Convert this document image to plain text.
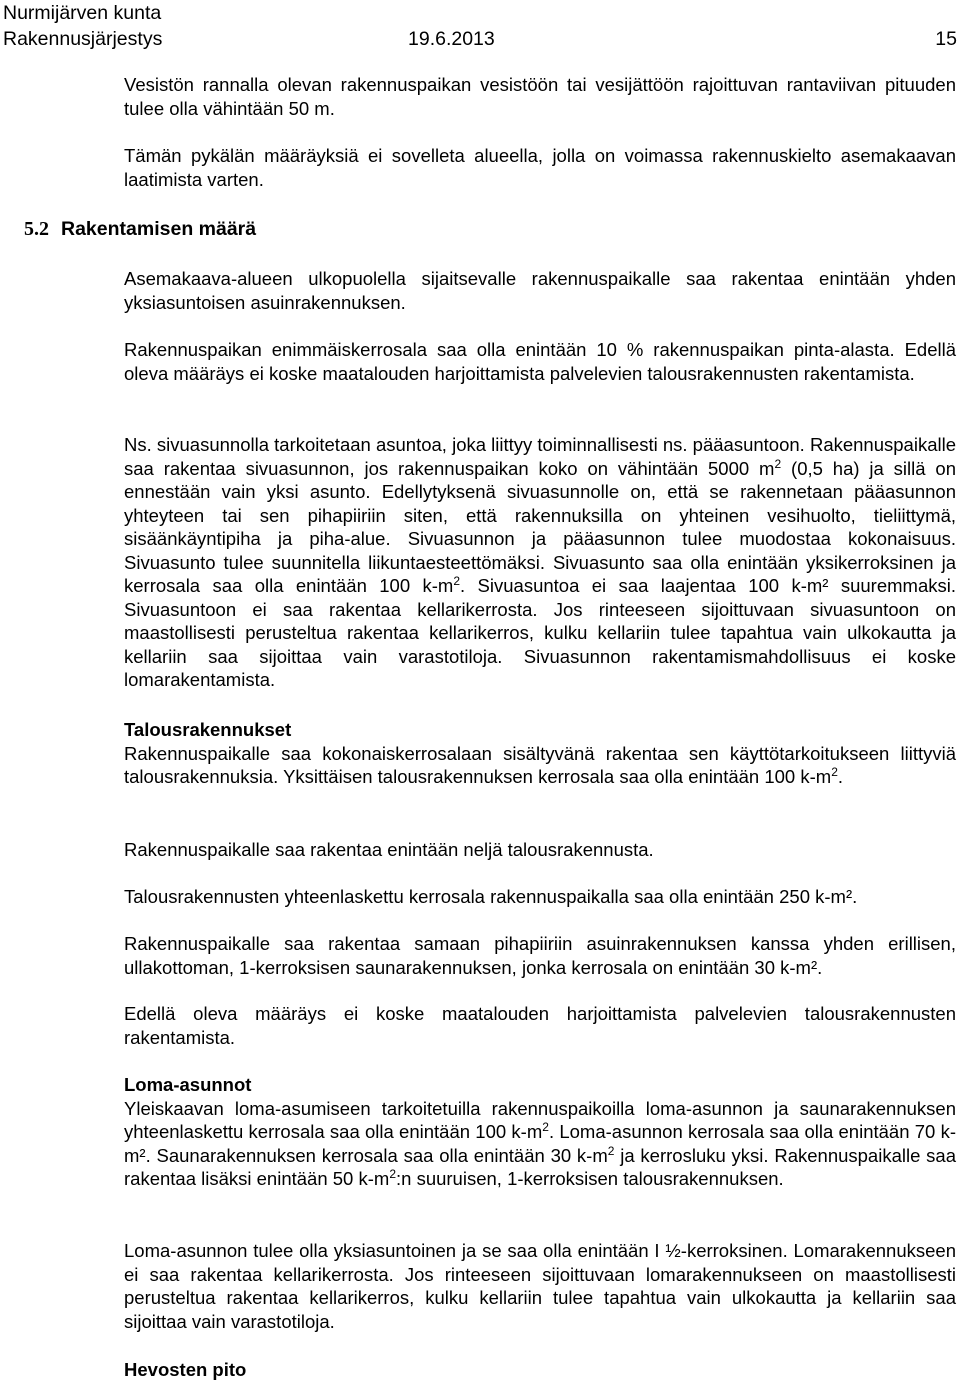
Nurmijärven kunta
Rakennusjärjestys	19.6.2013	15

Vesistön rannalla olevan rakennuspaikan vesistöön tai vesijättöön rajoittuvan rantaviivan pituuden tulee olla vähintään 50 m.

Tämän pykälän määräyksiä ei sovelleta alueella, jolla on voimassa rakennuskielto asemakaavan laatimista varten.

5.2 Rakentamisen määrä

Asemakaava-alueen ulkopuolella sijaitsevalle rakennuspaikalle saa rakentaa enintään yhden yksiasuntoisen asuinrakennuksen.

Rakennuspaikan enimmäiskerrosala saa olla enintään 10 % rakennuspaikan pinta-alasta. Edellä oleva määräys ei koske maatalouden harjoittamista palvelevien talousrakennusten rakentamista.

Ns. sivuasunnolla tarkoitetaan asuntoa, joka liittyy toiminnallisesti ns. pääasuntoon. Rakennuspaikalle saa rakentaa sivuasunnon, jos rakennuspaikan koko on vähintään 5000 $m^2$ (0,5 ha) ja sillä on ennestään vain yksi asunto. Edellytyksenä sivuasunnolle on, että se rakennetaan pääasunnon yhteyteen tai sen pihapiiriin siten, että rakennuksilla on yhteinen vesihuolto, tieliittymä, sisäänkäyntipiha ja piha-alue. Sivuasunnon ja pääasunnon tulee muodostaa kokonaisuus. Sivuasunto tulee suunnitella liikuntaesteettömäksi. Sivuasunto saa olla enintään yksikerroksinen ja kerrosala saa olla enintään 100 $k-m^2$. Sivuasuntoa ei saa laajentaa 100 k-m² suuremmaksi. Sivuasuntoon ei saa rakentaa kellarikerrosta. Jos rinteeseen sijoittuvaan sivuasuntoon on maastollisesti perusteltua rakentaa kellarikerros, kulku kellariin tulee tapahtua vain ulkokautta ja kellariin saa sijoittaa vain varastotiloja. Sivuasunnon rakentamismahdollisuus ei koske lomarakentamista.

Talousrakennukset

Rakennuspaikalle saa kokonaiskerrosalaan sisältyvänä rakentaa sen käyttötarkoitukseen liittyviä talousrakennuksia. Yksittäisen talousrakennuksen kerrosala saa olla enintään 100 $k-m^2$.

Rakennuspaikalle saa rakentaa enintään neljä talousrakennusta.

Talousrakennusten yhteenlaskettu kerrosala rakennuspaikalla saa olla enintään 250 k-m².

Rakennuspaikalle saa rakentaa samaan pihapiiriin asuinrakennuksen kanssa yhden erillisen, ullakottoman, 1-kerroksisen saunarakennuksen, jonka kerrosala on enintään 30 k-m².

Edellä oleva määräys ei koske maatalouden harjoittamista palvelevien talousrakennusten rakentamista.

Loma-asunnot

Yleiskaavan loma-asumiseen tarkoitetuilla rakennuspaikoilla loma-asunnon ja saunarakennuksen yhteenlaskettu kerrosala saa olla enintään 100 $k-m^2$. Loma-asunnon kerrosala saa olla enintään 70 k-m². Saunarakennuksen kerrosala saa olla enintään 30 $k-m^2$ ja kerrosluku yksi. Rakennuspaikalle saa rakentaa lisäksi enintään 50 $k-m^2:n$ suuruisen, 1-kerroksisen talousrakennuksen.

Loma-asunnon tulee olla yksiasuntoinen ja se saa olla enintään I ½-kerroksinen. Lomarakennukseen ei saa rakentaa kellarikerrosta. Jos rinteeseen sijoittuvaan lomarakennukseen on maastollisesti perusteltua rakentaa kellarikerros, kulku kellariin tulee tapahtua vain ulkokautta ja kellariin saa sijoittaa vain varastotiloja.

Hevosten pito
